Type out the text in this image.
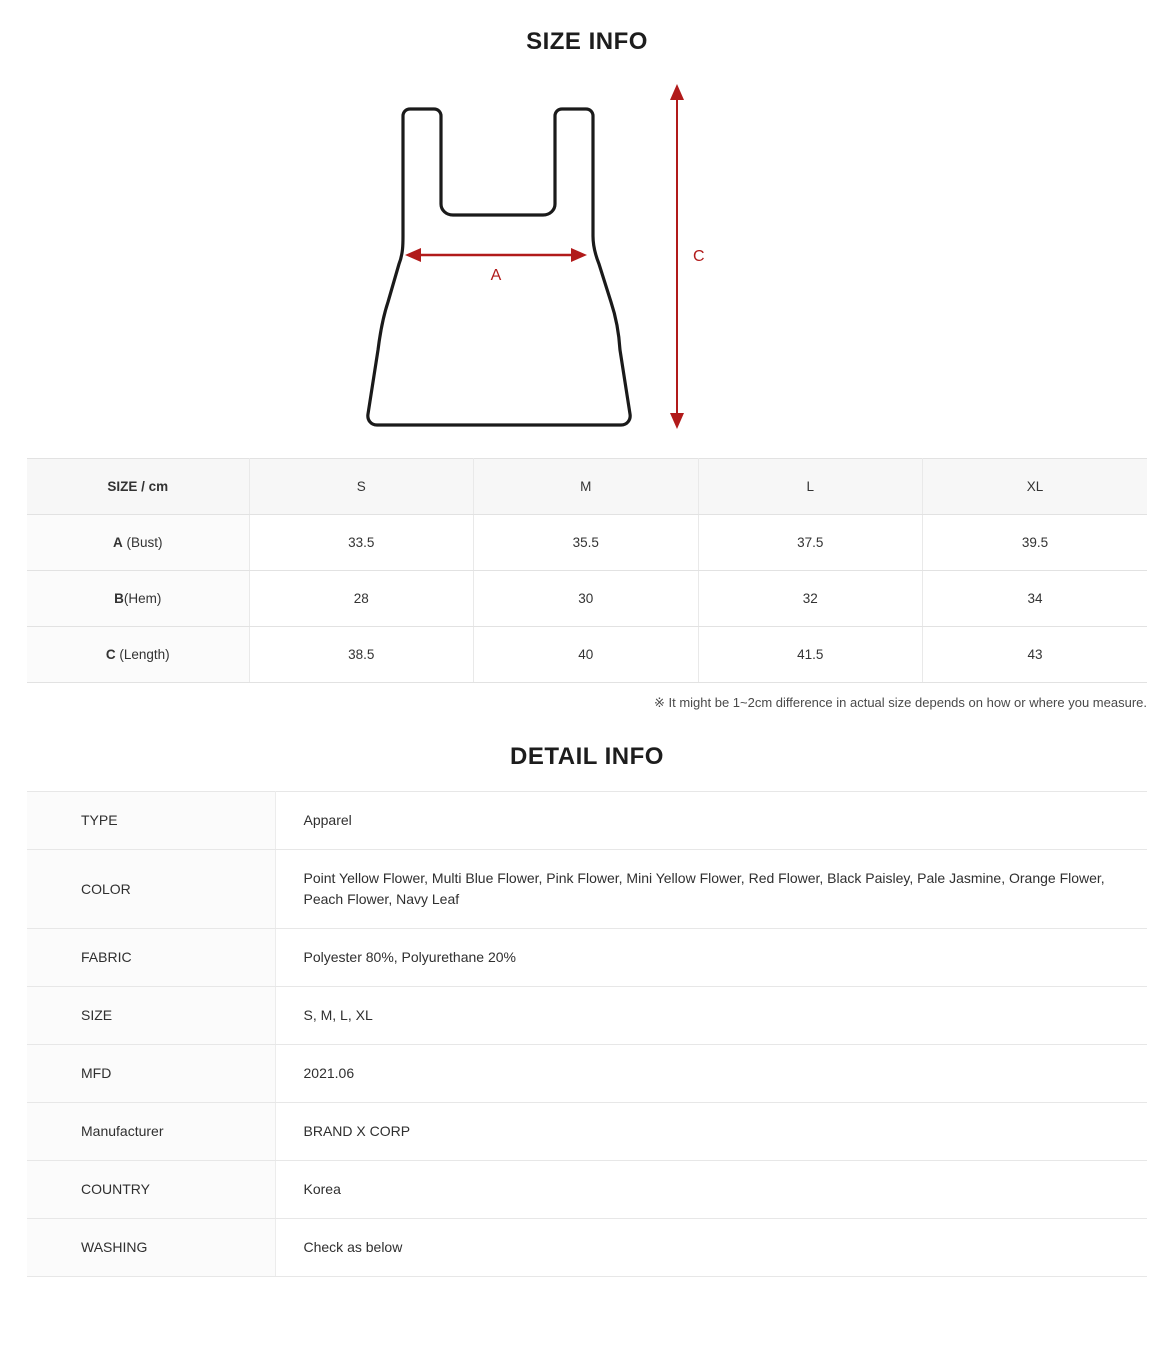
SIZE INFO
A
C
SIZE / cm	S	M	L	XL
A (Bust)	33.5	35.5	37.5	39.5
B(Hem)	28	30	32	34
C (Length)	38.5	40	41.5	43
※ It might be 1~2cm difference in actual size depends on how or where you measure.
DETAIL INFO
TYPE	Apparel
COLOR	Point Yellow Flower, Multi Blue Flower, Pink Flower, Mini Yellow Flower, Red Flower, Black Paisley, Pale Jasmine, Orange Flower, Peach Flower, Navy Leaf
FABRIC	Polyester 80%, Polyurethane 20%
SIZE	S, M, L, XL
MFD	2021.06
Manufacturer	BRAND X CORP
COUNTRY	Korea
WASHING	Check as below
